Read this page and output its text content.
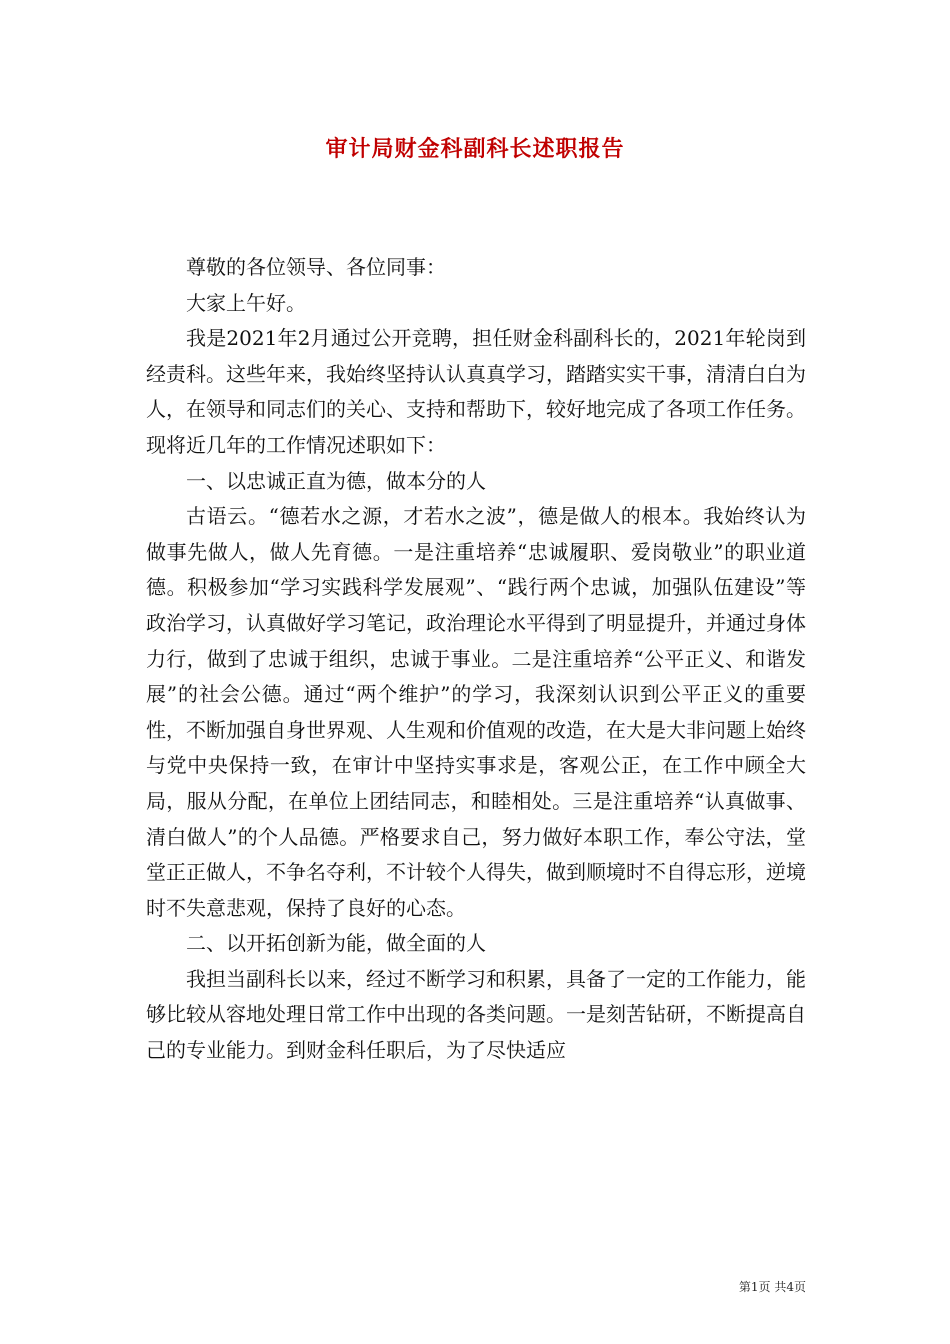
审计局财金科副科长述职报告

尊敬的各位领导、各位同事：

大家上午好。

我是2021年2月通过公开竞聘，担任财金科副科长的，2021年轮岗到经责科。这些年来，我始终坚持认认真真学习，踏踏实实干事，清清白白为人，在领导和同志们的关心、支持和帮助下，较好地完成了各项工作任务。现将近几年的工作情况述职如下：

一、以忠诚正直为德，做本分的人

古语云。“德若水之源，才若水之波”，德是做人的根本。我始终认为做事先做人，做人先育德。一是注重培养“忠诚履职、爱岗敬业”的职业道德。积极参加“学习实践科学发展观”、“践行两个忠诚，加强队伍建设”等政治学习，认真做好学习笔记，政治理论水平得到了明显提升，并通过身体力行，做到了忠诚于组织，忠诚于事业。二是注重培养“公平正义、和谐发展”的社会公德。通过“两个维护”的学习，我深刻认识到公平正义的重要性，不断加强自身世界观、人生观和价值观的改造，在大是大非问题上始终与党中央保持一致，在审计中坚持实事求是，客观公正，在工作中顾全大局，服从分配，在单位上团结同志，和睦相处。三是注重培养“认真做事、清白做人”的个人品德。严格要求自己，努力做好本职工作，奉公守法，堂堂正正做人，不争名夺利，不计较个人得失，做到顺境时不自得忘形，逆境时不失意悲观，保持了良好的心态。

二、以开拓创新为能，做全面的人

我担当副科长以来，经过不断学习和积累，具备了一定的工作能力，能够比较从容地处理日常工作中出现的各类问题。一是刻苦钻研，不断提高自己的专业能力。到财金科任职后，为了尽快适应

第1页 共4页
